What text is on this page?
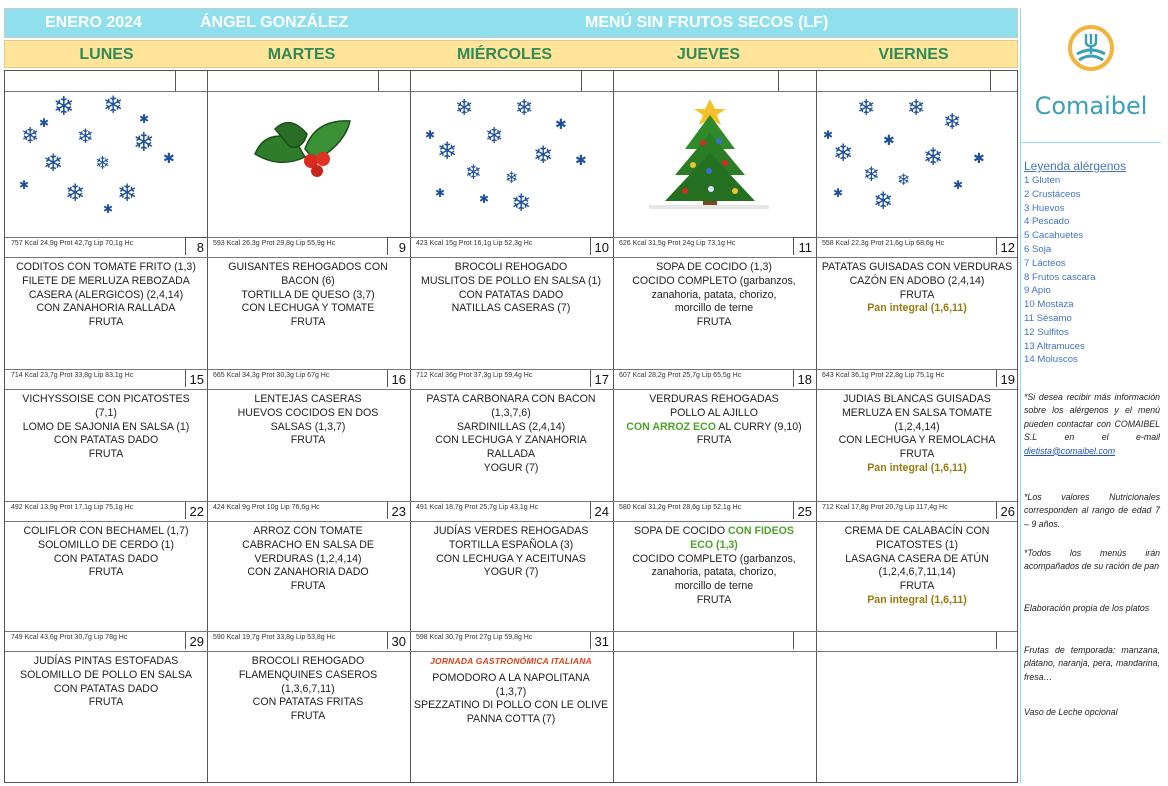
ENERO 2024	ÁNGEL GONZÁLEZ	MENÚ SIN FRUTOS SECOS (LF)
LUNES	MARTES	MIÉRCOLES	JUEVES	VIERNES
❄ ❄
❄ ❄ ❄
❄ ❄	✱
✱ ❄ ❄
✱
✱	✱	❄ ❄
✱
❄
❄
❄
✱
✱
❄ ❄
✱	❄
✱
❄ ❄
❄
✱	✱
❄	❄ ✱
❄ ❄	✱
❄
✱
757 Kcal 24,9g Prot 42,7g Lip 70,1g Hc	8
CODITOS CON TOMATE FRITO (1,3)
FILETE DE MERLUZA REBOZADA
CASERA (ALERGICOS) (2,4,14)
CON ZANAHORIA RALLADA
FRUTA
593 Kcal 26,3g Prot 29,8g Lip 55,9g Hc	9
GUISANTES REHOGADOS CON
BACON (6)
TORTILLA DE QUESO (3,7)
CON LECHUGA Y TOMATE
FRUTA
423 Kcal 15g Prot 16,1g Lip 52,3g Hc	10
BROCOLI REHOGADO
MUSLITOS DE POLLO EN SALSA (1)
CON PATATAS DADO
NATILLAS CASERAS (7)
626 Kcal 31,5g Prot 24g Lip 73,1g Hc	11
SOPA DE COCIDO (1,3)
COCIDO COMPLETO (garbanzos,
zanahoria, patata, chorizo,
morcillo de terne
FRUTA
558 Kcal 22,3g Prot 21,6g Lip 68,6g Hc	12
PATATAS GUISADAS CON VERDURAS
CAZÓN EN ADOBO (2,4,14)
FRUTA
Pan integral (1,6,11)
714 Kcal 23,7g Prot 33,8g Lip 83,1g Hc	15
VICHYSSOISE CON PICATOSTES
(7,1)
LOMO DE SAJONIA EN SALSA (1)
CON PATATAS DADO
FRUTA
665 Kcal 34,3g Prot 30,3g Lip 67g Hc	16
LENTEJAS CASERAS
HUEVOS COCIDOS EN DOS
SALSAS (1,3,7)
FRUTA
712 Kcal 36g Prot 37,3g Lip 59,4g Hc	17
PASTA CARBONARA CON BACON
(1,3,7,6)
SARDINILLAS (2,4,14)
CON LECHUGA Y ZANAHORIA
RALLADA
YOGUR (7)
607 Kcal 28,2g Prot 25,7g Lip 65,5g Hc	18
VERDURAS REHOGADAS
POLLO AL AJILLO
CON ARROZ ECO AL CURRY (9,10)
FRUTA
643 Kcal 36,1g Prot 22,8g Lip 75,1g Hc	19
JUDIAS BLANCAS GUISADAS
MERLUZA EN SALSA TOMATE
(1,2,4,14)
CON LECHUGA Y REMOLACHA
FRUTA
Pan integral (1,6,11)
492 Kcal 13,9g Prot 17,1g Lip 75,1g Hc	22
COLIFLOR CON BECHAMEL (1,7)
SOLOMILLO DE CERDO (1)
CON PATATAS DADO
FRUTA
424 Kcal 9g Prot 10g Lip 76,6g Hc	23
ARROZ CON TOMATE
CABRACHO EN SALSA DE
VERDURAS (1,2,4,14)
CON ZANAHORIA DADO
FRUTA
491 Kcal 18,7g Prot 25,7g Lip 43,1g Hc	24
JUDÍAS VERDES REHOGADAS
TORTILLA ESPAÑOLA (3)
CON LECHUGA Y ACEITUNAS
YOGUR (7)
580 Kcal 31,2g Prot 28,6g Lip 52,1g Hc	25
SOPA DE COCIDO CON FIDEOS
ECO (1,3)
COCIDO COMPLETO (garbanzos,
zanahoria, patata, chorizo,
morcillo de terne
FRUTA
712 Kcal 17,8g Prot 20,7g Lip 117,4g Hc	26
CREMA DE CALABACÍN CON
PICATOSTES (1)
LASAGNA CASERA DE ATÚN
(1,2,4,6,7,11,14)
FRUTA
Pan integral (1,6,11)
749 Kcal 43,6g Prot 30,7g Lip 78g Hc	29
JUDÍAS PINTAS ESTOFADAS
SOLOMILLO DE POLLO EN SALSA
CON PATATAS DADO
FRUTA
590 Kcal 19,7g Prot 33,8g Lip 53,8g Hc	30
BROCOLI REHOGADO
FLAMENQUINES CASEROS
(1,3,6,7,11)
CON PATATAS FRITAS
FRUTA
598 Kcal 30,7g Prot 27g Lip 59,8g Hc	31
JORNADA GASTRONÓMICA ITALIANA
POMODORO A LA NAPOLITANA
(1,3,7)
SPEZZATINO DI POLLO CON LE OLIVE
PANNA COTTA (7)
Comaibel
Leyenda alérgenos
1 Gluten
2 Crustáceos
3 Huevos
4 Pescado
5 Cacahuetes
6 Soja
7 Lácteos
8 Frutos cascara
9 Apio
10 Mostaza
11 Sésamo
12 Sulfitos
13 Altramuces
14 Moluscos
*Si desea recibir más información sobre los alérgenos y el menú pueden contactar con COMAIBEL S.L en el e-mail dietista@comaibel.com
*Los valores Nutricionales corresponden al rango de edad 7 – 9 años.
*Todos los menús irán acompañados de su ración de pan
Elaboración propia de los platos
Frutas de temporada: manzana, plátano, naranja, pera, mandarina, fresa…
Vaso de Leche opcional
